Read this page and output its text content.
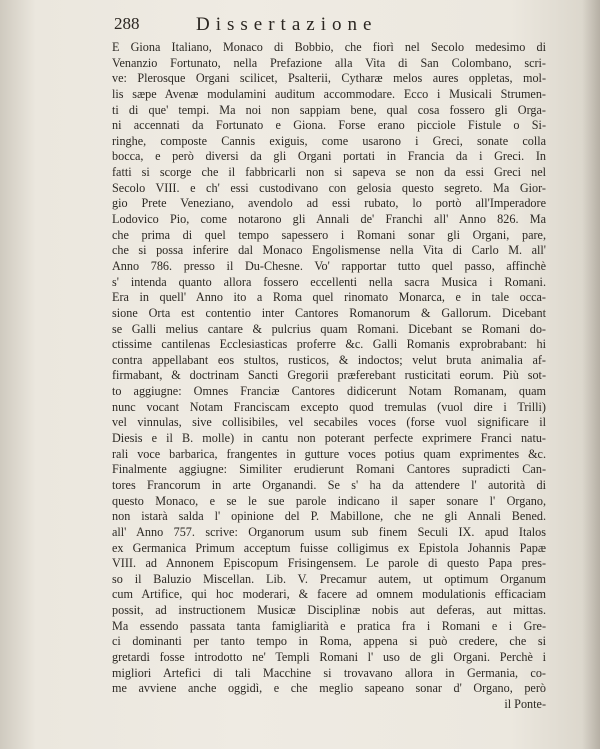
288	Dissertazione
E Giona Italiano, Monaco di Bobbio, che fiorì nel Secolo medesimo di
Venanzio Fortunato, nella Prefazione alla Vita di San Colombano, scri-
ve: Plerosque Organi scilicet, Psalterii, Cytharæ melos aures oppletas, mol-
lis sæpe Avenæ modulamini auditum accommodare. Ecco i Musicali Strumen-
ti di que' tempi. Ma noi non sappiam bene, qual cosa fossero gli Orga-
ni accennati da Fortunato e Giona. Forse erano picciole Fistule o Si-
ringhe, composte Cannis exiguis, come usarono i Greci, sonate colla
bocca, e però diversi da gli Organi portati in Francia da i Greci. In
fatti si scorge che il fabbricarli non si sapeva se non da essi Greci nel
Secolo VIII. e ch' essi custodivano con gelosia questo segreto. Ma Gior-
gio Prete Veneziano, avendolo ad essi rubato, lo portò all'Imperadore
Lodovico Pio, come notarono gli Annali de' Franchi all' Anno 826. Ma
che prima di quel tempo sapessero i Romani sonar gli Organi, pare,
che si possa inferire dal Monaco Engolismense nella Vita di Carlo M. all'
Anno 786. presso il Du-Chesne. Vo' rapportar tutto quel passo, affinchè
s' intenda quanto allora fossero eccellenti nella sacra Musica i Romani.
Era in quell' Anno ito a Roma quel rinomato Monarca, e in tale occa-
sione Orta est contentio inter Cantores Romanorum & Gallorum. Dicebant
se Galli melius cantare & pulcrius quam Romani. Dicebant se Romani do-
ctissime cantilenas Ecclesiasticas proferre &c. Galli Romanis exprobrabant: hi
contra appellabant eos stultos, rusticos, & indoctos; velut bruta animalia af-
firmabant, & doctrinam Sancti Gregorii præferebant rusticitati eorum. Più sot-
to aggiugne: Omnes Franciæ Cantores didicerunt Notam Romanam, quam
nunc vocant Notam Franciscam excepto quod tremulas (vuol dire i Trilli)
vel vinnulas, sive collisibiles, vel secabiles voces (forse vuol significare il
Diesis e il B. molle) in cantu non poterant perfecte exprimere Franci natu-
rali voce barbarica, frangentes in gutture voces potius quam exprimentes &c.
Finalmente aggiugne: Similiter erudierunt Romani Cantores supradicti Can-
tores Francorum in arte Organandi. Se s' ha da attendere l' autorità di
questo Monaco, e se le sue parole indicano il saper sonare l' Organo,
non istarà salda l' opinione del P. Mabillone, che ne gli Annali Bened.
all' Anno 757. scrive: Organorum usum sub finem Seculi IX. apud Italos
ex Germanica Primum acceptum fuisse colligimus ex Epistola Johannis Papæ
VIII. ad Annonem Episcopum Frisingensem. Le parole di questo Papa pres-
so il Baluzio Miscellan. Lib. V. Precamur autem, ut optimum Organum
cum Artifice, qui hoc moderari, & facere ad omnem modulationis efficaciam
possit, ad instructionem Musicæ Disciplinæ nobis aut deferas, aut mittas.
Ma essendo passata tanta famigliarità e pratica fra i Romani e i Gre-
ci dominanti per tanto tempo in Roma, appena si può credere, che si
gretardi fosse introdotto ne' Templi Romani l' uso de gli Organi. Perchè i
migliori Artefici di tali Macchine si trovavano allora in Germania, co-
me avviene anche oggidì, e che meglio sapeano sonar d' Organo, però
il Ponte-
